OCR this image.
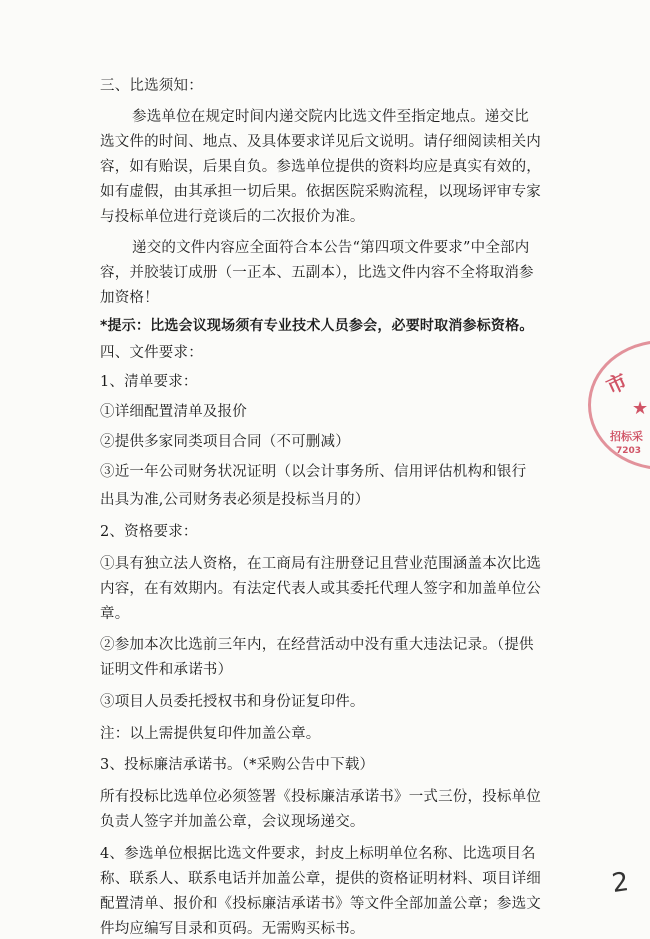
三、比选须知：
参选单位在规定时间内递交院内比选文件至指定地点。递交比
选文件的时间、地点、及具体要求详见后文说明。请仔细阅读相关内
容，如有贻误，后果自负。参选单位提供的资料均应是真实有效的，
如有虚假，由其承担一切后果。依据医院采购流程，以现场评审专家
与投标单位进行竞谈后的二次报价为准。
递交的文件内容应全面符合本公告“第四项文件要求”中全部内
容，并胶装订成册（一正本、五副本），比选文件内容不全将取消参
加资格！
*提示：比选会议现场须有专业技术人员参会，必要时取消参标资格。
四、文件要求：
1、清单要求：
①详细配置清单及报价
②提供多家同类项目合同（不可删减）
③近一年公司财务状况证明（以会计事务所、信用评估机构和银行
出具为准,公司财务表必须是投标当月的）
2、资格要求：
①具有独立法人资格，在工商局有注册登记且营业范围涵盖本次比选
内容，在有效期内。有法定代表人或其委托代理人签字和加盖单位公
章。
②参加本次比选前三年内，在经营活动中没有重大违法记录。（提供
证明文件和承诺书）
③项目人员委托授权书和身份证复印件。
注：以上需提供复印件加盖公章。
3、投标廉洁承诺书。（*采购公告中下载）
所有投标比选单位必须签署《投标廉洁承诺书》一式三份，投标单位
负责人签字并加盖公章，会议现场递交。
4、参选单位根据比选文件要求，封皮上标明单位名称、比选项目名
称、联系人、联系电话并加盖公章，提供的资格证明材料、项目详细
配置清单、报价和《投标廉洁承诺书》等文件全部加盖公章；参选文
件均应编写目录和页码。无需购买标书。
市
招标采
7203
★
2
